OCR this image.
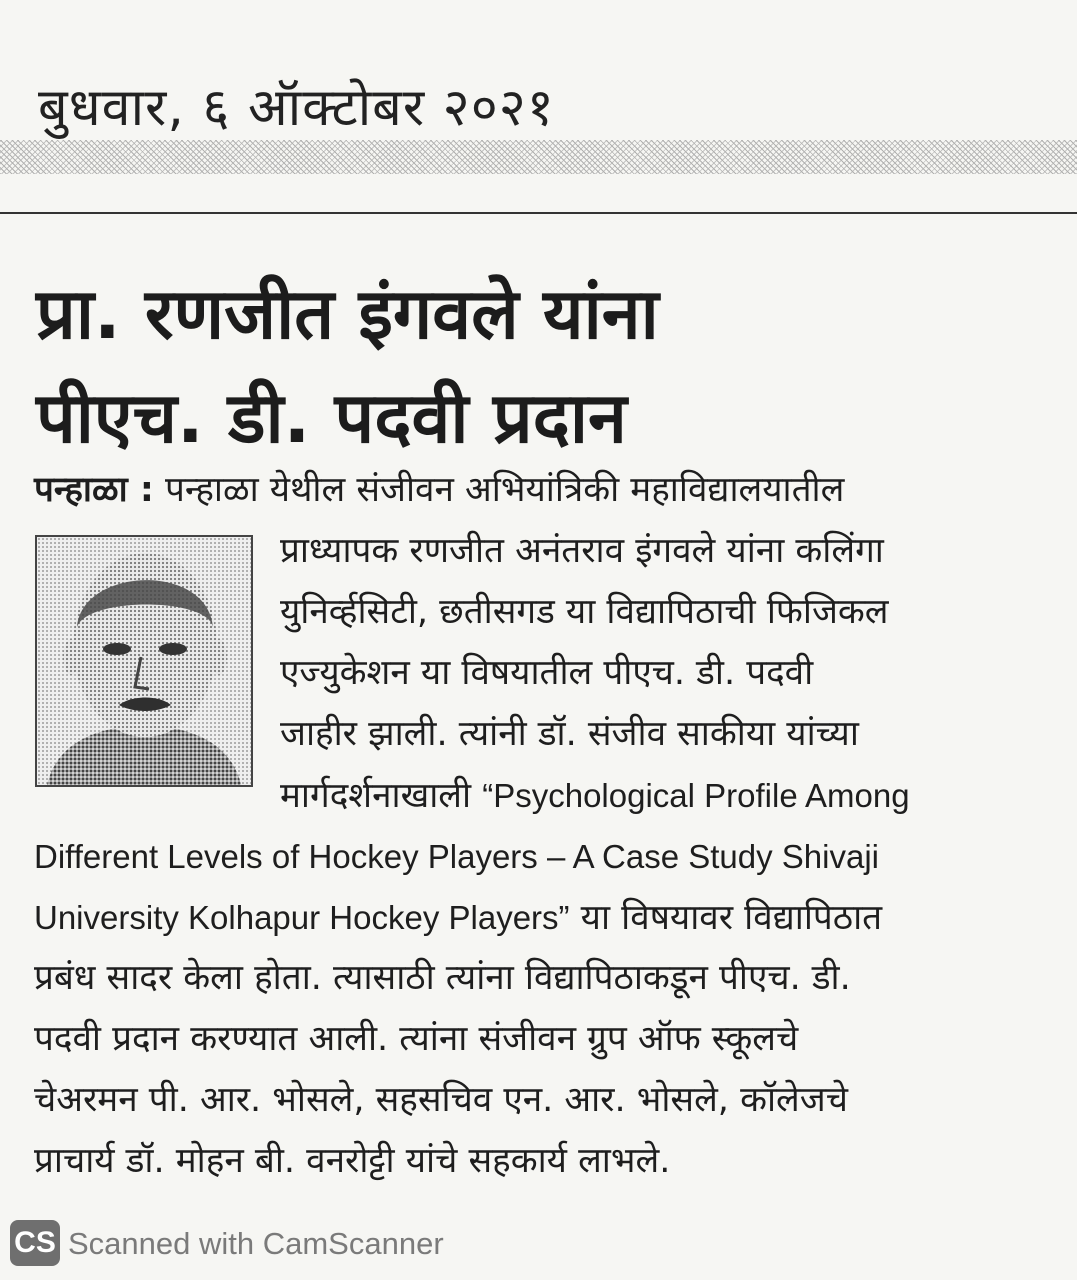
बुधवार, ६ ऑक्टोबर २०२१
प्रा. रणजीत इंगवले यांना
पीएच. डी. पदवी प्रदान
पन्हाळा : पन्हाळा येथील संजीवन अभियांत्रिकी महाविद्यालयातील
प्राध्यापक रणजीत अनंतराव इंगवले यांना कलिंगा
युनिर्व्हसिटी, छतीसगड या विद्यापिठाची फिजिकल
एज्युकेशन या विषयातील पीएच. डी. पदवी
जाहीर झाली. त्यांनी डॉ. संजीव साकीया यांच्या
मार्गदर्शनाखाली “Psychological Profile Among
Different Levels of Hockey Players – A Case Study Shivaji
University Kolhapur Hockey Players” या विषयावर विद्यापिठात
प्रबंध सादर केला होता. त्यासाठी त्यांना विद्यापिठाकडून पीएच. डी.
पदवी प्रदान करण्यात आली. त्यांना संजीवन ग्रुप ऑफ स्कूलचे
चेअरमन पी. आर. भोसले, सहसचिव एन. आर. भोसले, कॉलेजचे
प्राचार्य डॉ. मोहन बी. वनरोट्टी यांचे सहकार्य लाभले.
CS Scanned with CamScanner
